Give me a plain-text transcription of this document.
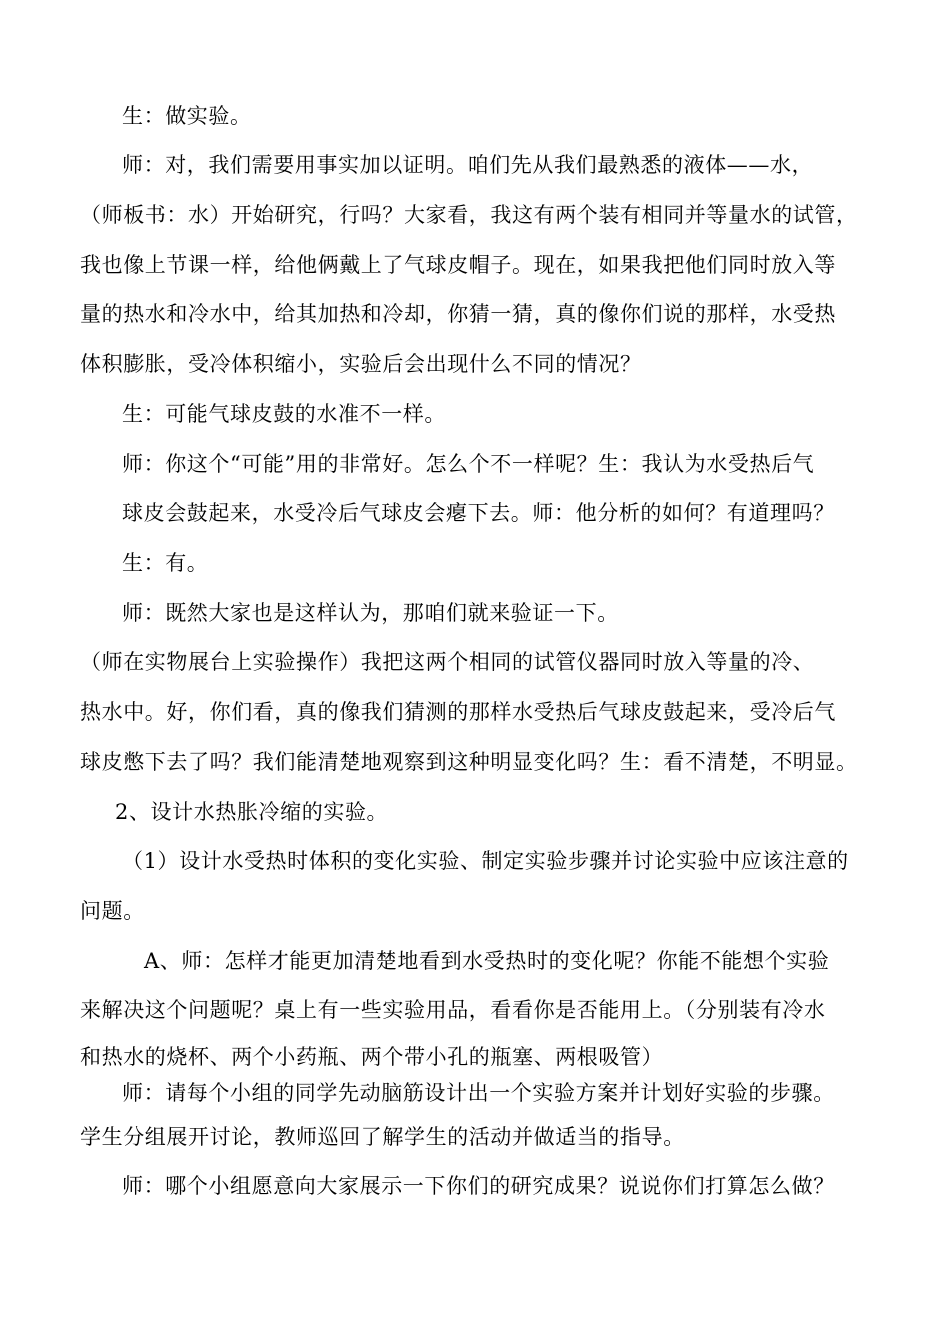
生：做实验。
师：对，我们需要用事实加以证明。咱们先从我们最熟悉的液体——水，
（师板书：水）开始研究，行吗？大家看，我这有两个装有相同并等量水的试管，
我也像上节课一样，给他俩戴上了气球皮帽子。现在，如果我把他们同时放入等
量的热水和冷水中，给其加热和冷却，你猜一猜，真的像你们说的那样，水受热
体积膨胀，受冷体积缩小，实验后会出现什么不同的情况？
生：可能气球皮鼓的水准不一样。
师：你这个“可能”用的非常好。怎么个不一样呢？生：我认为水受热后气
球皮会鼓起来，水受冷后气球皮会瘪下去。师：他分析的如何？有道理吗？
生：有。
师：既然大家也是这样认为，那咱们就来验证一下。
（师在实物展台上实验操作）我把这两个相同的试管仪器同时放入等量的冷、
热水中。好，你们看，真的像我们猜测的那样水受热后气球皮鼓起来，受冷后气
球皮憋下去了吗？我们能清楚地观察到这种明显变化吗？生：看不清楚，不明显。
2、设计水热胀冷缩的实验。
（1）设计水受热时体积的变化实验、制定实验步骤并讨论实验中应该注意的
问题。
A、师：怎样才能更加清楚地看到水受热时的变化呢？你能不能想个实验
来解决这个问题呢？桌上有一些实验用品，看看你是否能用上。（分别装有冷水
和热水的烧杯、两个小药瓶、两个带小孔的瓶塞、两根吸管）
师：请每个小组的同学先动脑筋设计出一个实验方案并计划好实验的步骤。
学生分组展开讨论，教师巡回了解学生的活动并做适当的指导。
师：哪个小组愿意向大家展示一下你们的研究成果？说说你们打算怎么做？
